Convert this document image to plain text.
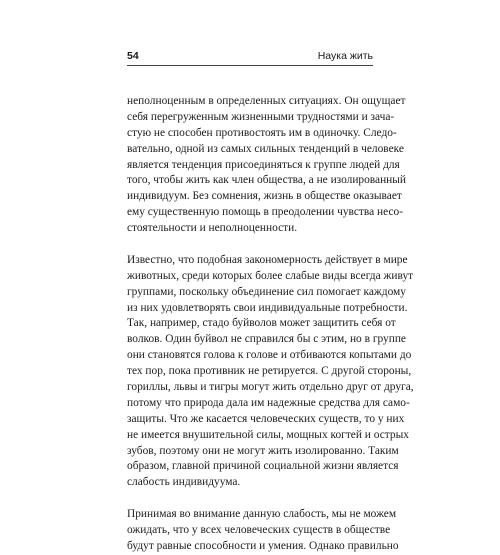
54	Наука жить
неполноценным в определенных ситуациях. Он ощущает
себя перегруженным жизненными трудностями и зача-
стую не способен противостоять им в одиночку. Следо-
вательно, одной из самых сильных тенденций в человеке
является тенденция присоединяться к группе людей для
того, чтобы жить как член общества, а не изолированный
индивидуум. Без сомнения, жизнь в обществе оказывает
ему существенную помощь в преодолении чувства несо-
стоятельности и неполноценности.
Известно, что подобная закономерность действует в мире
животных, среди которых более слабые виды всегда живут
группами, поскольку объединение сил помогает каждому
из них удовлетворять свои индивидуальные потребности.
Так, например, стадо буйволов может защитить себя от
волков. Один буйвол не справился бы с этим, но в группе
они становятся голова к голове и отбиваются копытами до
тех пор, пока противник не ретируется. С другой стороны,
гориллы, львы и тигры могут жить отдельно друг от друга,
потому что природа дала им надежные средства для само-
защиты. Что же касается человеческих существ, то у них
не имеется внушительной силы, мощных когтей и острых
зубов, поэтому они не могут жить изолированно. Таким
образом, главной причиной социальной жизни является
слабость индивидуума.
Принимая во внимание данную слабость, мы не можем
ожидать, что у всех человеческих существ в обществе
будут равные способности и умения. Однако правильно
